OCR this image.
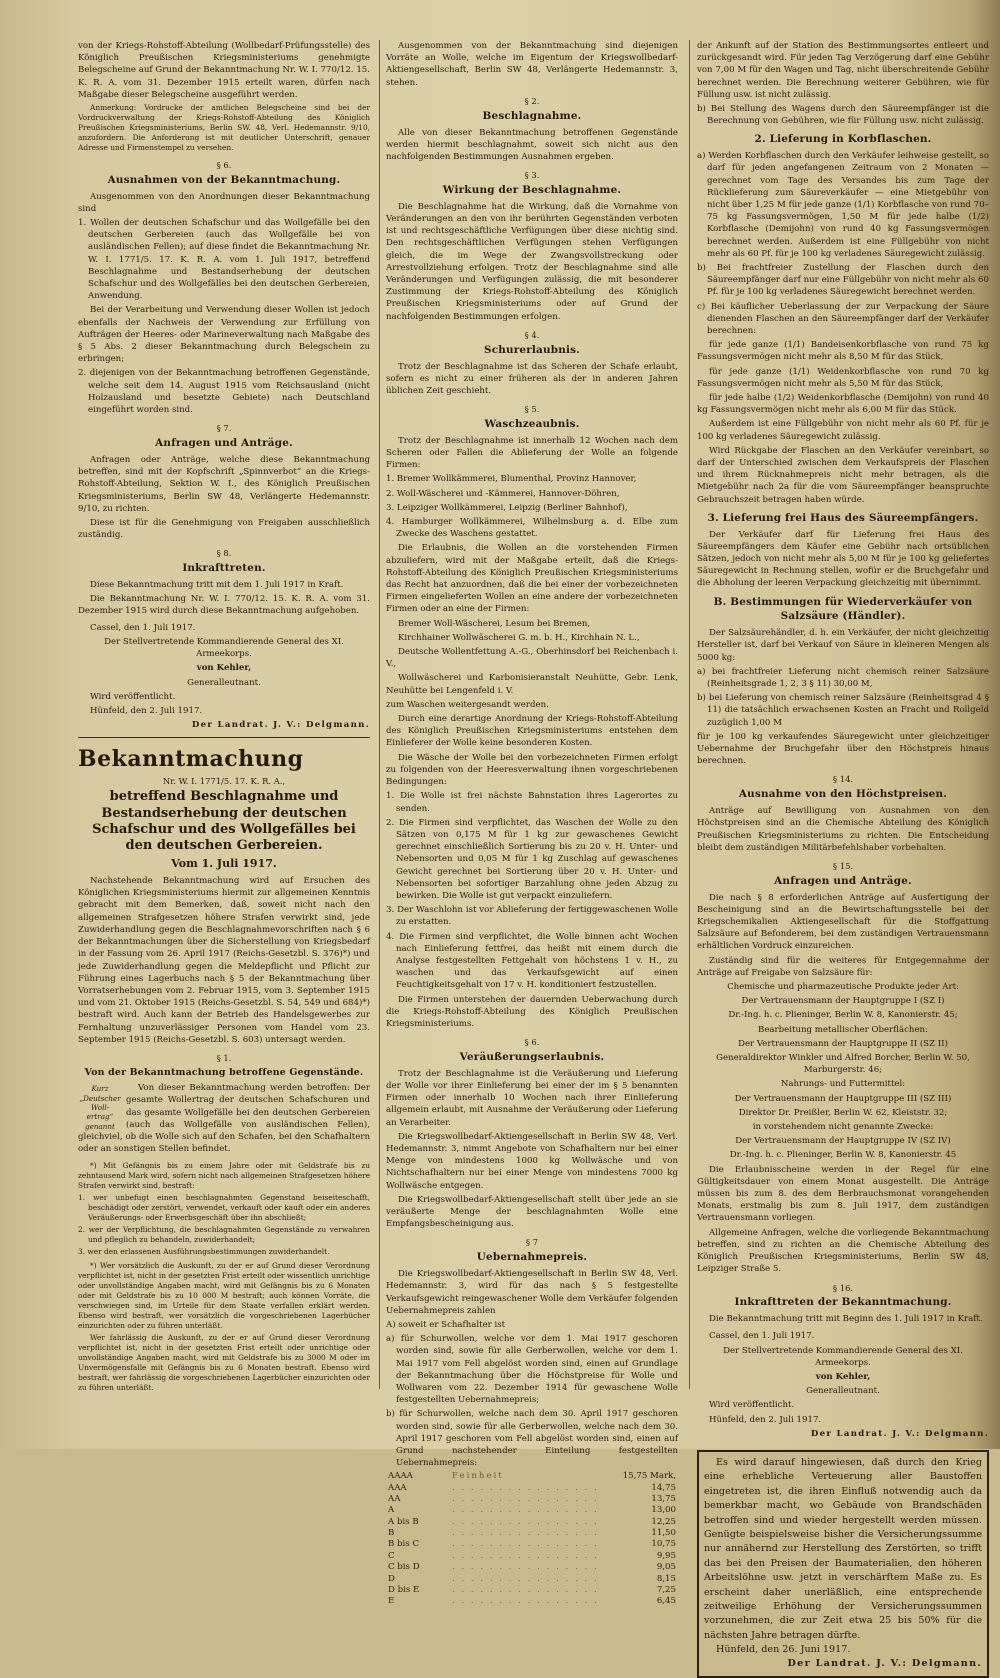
von der Kriegs-Rohstoff-Abteilung (Wollbedarf-Prüfungsstelle) des Königlich Preußischen Kriegsministeriums genehmigte Belegscheine auf Grund der Bekanntmachung Nr. W. I. 770/12. 15. K. R. A. vom 31. Dezember 1915 erteilt waren, dürfen nach Maßgabe dieser Belegscheine ausgeführt werden.

Anmerkung: Vordrucke der amtlichen Belegscheine sind bei der Vordruckverwaltung der Kriegs-Rohstoff-Abteilung des Königlich Preußischen Kriegsministeriums, Berlin SW. 48, Verl. Hedemannstr. 9/10, anzufordern. Die Anforderung ist mit deutlicher Unterschrift, genauer Adresse und Firmenstempel zu versehen.

§ 6.
Ausnahmen von der Bekanntmachung.

Ausgenommen von den Anordnungen dieser Bekanntmachung sind

1. Wollen der deutschen Schafschur und das Wollgefälle bei den deutschen Gerbereien (auch das Wollgefälle bei von ausländischen Fellen); auf diese findet die Bekanntmachung Nr. W. I. 1771/5. 17. K. R. A. vom 1. Juli 1917, betreffend Beschlagnahme und Bestandserhebung der deutschen Schafschur und des Wollgefälles bei den deutschen Gerbereien, Anwendung.

Bei der Verarbeitung und Verwendung dieser Wollen ist jedoch ebenfalls der Nachweis der Verwendung zur Erfüllung von Aufträgen der Heeres- oder Marineverwaltung nach Maßgabe des § 5 Abs. 2 dieser Bekanntmachung durch Belegschein zu erbringen;

2. diejenigen von der Bekanntmachung betroffenen Gegenstände, welche seit dem 14. August 1915 vom Reichsausland (nicht Holzausland und besetzte Gebiete) nach Deutschland eingeführt worden sind.

§ 7.
Anfragen und Anträge.

Anfragen oder Anträge, welche diese Bekanntmachung betreffen, sind mit der Kopfschrift „Spinnverbot“ an die Kriegs-Rohstoff-Abteilung, Sektion W. I., des Königlich Preußischen Kriegsministeriums, Berlin SW 48, Verlängerte Hedemannstr. 9/10, zu richten.

Diese ist für die Genehmigung von Freigaben ausschließlich zuständig.

§ 8.
Inkrafttreten.

Diese Bekanntmachung tritt mit dem 1. Juli 1917 in Kraft.

Die Bekanntmachung Nr. W. I. 770/12. 15. K. R. A. vom 31. Dezember 1915 wird durch diese Bekanntmachung aufgehoben.

Cassel, den 1. Juli 1917.

Der Stellvertretende Kommandierende General des XI. Armeekorps.

von Kehler,

Generalleutnant.

Wird veröffentlicht.

Hünfeld, den 2. Juli 1917.

Der Landrat. J. V.: Delgmann.

Bekanntmachung
Nr. W. I. 1771/5. 17. K. R. A.,
betreffend Beschlagnahme und Bestandserhebung der deutschen Schafschur und des Wollgefälles bei den deutschen Gerbereien.
Vom 1. Juli 1917.

Nachstehende Bekanntmachung wird auf Ersuchen des Königlichen Kriegsministeriums hiermit zur allgemeinen Kenntnis gebracht mit dem Bemerken, daß, soweit nicht nach den allgemeinen Strafgesetzen höhere Strafen verwirkt sind, jede Zuwiderhandlung gegen die Beschlagnahmevorschriften nach § 6 der Bekanntmachungen über die Sicherstellung von Kriegsbedarf in der Fassung vom 26. April 1917 (Reichs-Gesetzbl. S. 376)*) und jede Zuwiderhandlung gegen die Meldepflicht und Pflicht zur Führung eines Lagerbuchs nach § 5 der Bekanntmachung über Vorratserhebungen vom 2. Februar 1915, vom 3. September 1915 und vom 21. Oktober 1915 (Reichs-Gesetzbl. S. 54, 549 und 684)*) bestraft wird. Auch kann der Betrieb des Handelsgewerbes zur Fernhaltung unzuverlässiger Personen vom Handel vom 23. September 1915 (Reichs-Gesetzbl. S. 603) untersagt werden.

§ 1.
Von der Bekanntmachung betroffene Gegenstände.
Kurz „Deutscher Woll-ertrag“ genannt

Von dieser Bekanntmachung werden betroffen: Der gesamte Wollertrag der deutschen Schafschuren und das gesamte Wollgefälle bei den deutschen Gerbereien (auch das Wollgefälle von ausländischen Fellen), gleichviel, ob die Wolle sich auf den Schafen, bei den Schafhaltern oder an sonstigen Stellen befindet.

*) Mit Gefängnis bis zu einem Jahre oder mit Geldstrafe bis zu zehntausend Mark wird, sofern nicht nach allgemeinen Strafgesetzen höhere Strafen verwirkt sind, bestraft:

1. wer unbefugt einen beschlagnahmten Gegenstand beiseiteschafft, beschädigt oder zerstört, verwendet, verkauft oder kauft oder ein anderes Veräußerungs- oder Erwerbsgeschäft über ihn abschließt;

2. wer der Verpflichtung, die beschlagnahmten Gegenstände zu verwahren und pfleglich zu behandeln, zuwiderhandelt;

3. wer den erlassenen Ausführungsbestimmungen zuwiderhandelt.

*) Wer vorsätzlich die Auskunft, zu der er auf Grund dieser Verordnung verpflichtet ist, nicht in der gesetzten Frist erteilt oder wissentlich unrichtige oder unvollständige Angaben macht, wird mit Gefängnis bis zu 6 Monaten oder mit Geldstrafe bis zu 10 000 M bestraft; auch können Vorräte, die verschwiegen sind, im Urteile für dem Staate verfallen erklärt werden. Ebenso wird bestraft, wer vorsätzlich die vorgeschriebenen Lagerbücher einzurichten oder zu führen unterläßt.

Wer fahrlässig die Auskunft, zu der er auf Grund dieser Verordnung verpflichtet ist, nicht in der gesetzten Frist erteilt oder unrichtige oder unvollständige Angaben macht, wird mit Geldstrafe bis zu 3000 M oder im Unvermögensfalle mit Gefängnis bis zu 6 Monaten bestraft. Ebenso wird bestraft, wer fahrlässig die vorgeschriebenen Lagerbücher einzurichten oder zu führen unterläßt.

Ausgenommen von der Bekanntmachung sind diejenigen Vorräte an Wolle, welche im Eigentum der Kriegswollbedarf-Aktiengesellschaft, Berlin SW 48, Verlängerte Hedemannstr. 3, stehen.

§ 2.
Beschlagnahme.

Alle von dieser Bekanntmachung betroffenen Gegenstände werden hiermit beschlagnahmt, soweit sich nicht aus den nachfolgenden Bestimmungen Ausnahmen ergeben.

§ 3.
Wirkung der Beschlagnahme.

Die Beschlagnahme hat die Wirkung, daß die Vornahme von Veränderungen an den von ihr berührten Gegenständen verboten ist und rechtsgeschäftliche Verfügungen über diese nichtig sind. Den rechtsgeschäftlichen Verfügungen stehen Verfügungen gleich, die im Wege der Zwangsvollstreckung oder Arrestvollziehung erfolgen. Trotz der Beschlagnahme sind alle Veränderungen und Verfügungen zulässig, die mit besonderer Zustimmung der Kriegs-Rohstoff-Abteilung des Königlich Preußischen Kriegsministeriums oder auf Grund der nachfolgenden Bestimmungen erfolgen.

§ 4.
Schurerlaubnis.

Trotz der Beschlagnahme ist das Scheren der Schafe erlaubt, sofern es nicht zu einer früheren als der in anderen Jahren üblichen Zeit geschieht.

§ 5.
Waschzeaubnis.

Trotz der Beschlagnahme ist innerhalb 12 Wochen nach dem Scheren oder Fallen die Ablieferung der Wolle an folgende Firmen:

1. Bremer Wollkämmerei, Blumenthal, Provinz Hannover,

2. Woll-Wäscherei und -Kämmerei, Hannover-Döhren,

3. Leipziger Wollkämmerei, Leipzig (Berliner Bahnhof),

4. Hamburger Wollkämmerei, Wilhelmsburg a. d. Elbe zum Zwecke des Waschens gestattet.

Die Erlaubnis, die Wollen an die vorstehenden Firmen abzuliefern, wird mit der Maßgabe erteilt, daß die Kriegs-Rohstoff-Abteilung des Königlich Preußischen Kriegsministeriums das Recht hat anzuordnen, daß die bei einer der vorbezeichneten Firmen eingelieferten Wollen an eine andere der vorbezeichneten Firmen oder an eine der Firmen:

Bremer Woll-Wäscherei, Lesum bei Bremen,

Kirchhainer Wollwäscherei G. m. b. H., Kirchhain N. L.,

Deutsche Wollentfettung A.-G., Oberhinsdorf bei Reichenbach i. V.,

Wollwäscherei und Karbonisieranstalt Neuhütte, Gebr. Lenk, Neuhütte bei Lengenfeld i. V.

zum Waschen weitergesandt werden.

Durch eine derartige Anordnung der Kriegs-Rohstoff-Abteilung des Königlich Preußischen Kriegsministeriums entstehen dem Einlieferer der Wolle keine besonderen Kosten.

Die Wäsche der Wolle bei den vorbezeichneten Firmen erfolgt zu folgenden von der Heeresverwaltung ihnen vorgeschriebenen Bedingungen:

1. Die Wolle ist frei nächste Bahnstation ihres Lagerortes zu senden.

2. Die Firmen sind verpflichtet, das Waschen der Wolle zu den Sätzen von 0,175 M für 1 kg zur gewaschenes Gewicht gerechnet einschließlich Sortierung bis zu 20 v. H. Unter- und Nebensorten und 0,05 M für 1 kg Zuschlag auf gewaschenes Gewicht gerechnet bei Sortierung über 20 v. H. Unter- und Nebensorten bei sofortiger Barzahlung ohne jeden Abzug zu bewirken. Die Wolle ist gut verpackt einzuliefern.

3. Der Waschlohn ist vor Ablieferung der fertiggewaschenen Wolle zu erstatten.

4. Die Firmen sind verpflichtet, die Wolle binnen acht Wochen nach Einlieferung fettfrei, das heißt mit einem durch die Analyse festgestellten Fettgehalt von höchstens 1 v. H., zu waschen und das Verkaufsgewicht auf einen Feuchtigkeitsgehalt von 17 v. H. konditioniert festzustellen.

Die Firmen unterstehen der dauernden Ueberwachung durch die Kriegs-Rohstoff-Abteilung des Königlich Preußischen Kriegsministeriums.

§ 6.
Veräußerungserlaubnis.

Trotz der Beschlagnahme ist die Veräußerung und Lieferung der Wolle vor ihrer Einlieferung bei einer der im § 5 benannten Firmen oder innerhalb 10 Wochen nach ihrer Einlieferung allgemein erlaubt, mit Ausnahme der Veräußerung oder Lieferung an Verarbeiter.

Die Kriegswollbedarf-Aktiengesellschaft in Berlin SW 48, Verl. Hedemannstr. 3, nimmt Angebote von Schafhaltern nur bei einer Menge von mindestens 1000 kg Wollwäsche und von Nichtschafhaltern nur bei einer Menge von mindestens 7000 kg Wollwäsche entgegen.

Die Kriegswollbedarf-Aktiengesellschaft stellt über jede an sie veräußerte Menge der beschlagnahmten Wolle eine Empfangsbescheinigung aus.

§ 7
Uebernahmepreis.

Die Kriegswollbedarf-Aktiengesellschaft in Berlin SW 48, Verl. Hedemannstr. 3, wird für das nach § 5 festgestellte Verkaufsgewicht reingewaschener Wolle dem Verkäufer folgenden Uebernahmepreis zahlen

A) soweit er Schafhalter ist

a) für Schurwollen, welche vor dem 1. Mai 1917 geschoren worden sind, sowie für alle Gerberwollen, welche vor dem 1. Mai 1917 vom Fell abgelöst worden sind, einen auf Grundlage der Bekanntmachung über die Höchstpreise für Wolle und Wollwaren vom 22. Dezember 1914 für gewaschene Wolle festgestellten Uebernahmepreis;

b) für Schurwollen, welche nach dem 30. April 1917 geschoren worden sind, sowie für alle Gerberwollen, welche nach dem 30. April 1917 geschoren vom Fell abgelöst worden sind, einen auf Grund nachstehender Einteilung festgestellten Uebernahmepreis:

AAAA	Feinheit	15,75 Mark,
AAA	. . . . . . . . . . . . . . . .	14,75
AA	. . . . . . . . . . . . . . . .	13,75
A	. . . . . . . . . . . . . . . .	13,00
A bis B	. . . . . . . . . . . . . . . .	12,25
B	. . . . . . . . . . . . . . . .	11,50
B bis C	. . . . . . . . . . . . . . . .	10,75
C	. . . . . . . . . . . . . . . .	9,95
C bis D	. . . . . . . . . . . . . . . .	9,05
D	. . . . . . . . . . . . . . . .	8,15
D bis E	. . . . . . . . . . . . . . . .	7,25
E	. . . . . . . . . . . . . . . .	6,45

der Ankunft auf der Station des Bestimmungsortes entleert und zurückgesandt wird. Für jeden Tag Verzögerung darf eine Gebühr von 7,00 M für den Wagen und Tag, nicht überschreitende Gebühr berechnet werden. Die Berechnung weiterer Gebühren, wie für Füllung usw. ist nicht zulässig.

b) Bei Stellung des Wagens durch den Säureempfänger ist die Berechnung von Gebühren, wie für Füllung usw. nicht zulässig.

2. Lieferung in Korbflaschen.

a) Werden Korbflaschen durch den Verkäufer leihweise gestellt, so darf für jeden angefangenen Zeitraum von 2 Monaten — gerechnet vom Tage des Versandes bis zum Tage der Rücklieferung zum Säureverkäufer — eine Mietgebühr von nicht über 1,25 M für jede ganze (1/1) Korbflasche von rund 70–75 kg Fassungsvermögen, 1,50 M für jede halbe (1/2) Korbflasche (Demijohn) von rund 40 kg Fassungsvermögen berechnet werden. Außerdem ist eine Füllgebühr von nicht mehr als 60 Pf. für je 100 kg verladenes Säuregewicht zulässig.

b) Bei frachtfreier Zustellung der Flaschen durch den Säureempfänger darf nur eine Füllgebühr von nicht mehr als 60 Pf. für je 100 kg verladenes Säuregewicht berechnet werden.

c) Bei käuflicher Ueberlassung der zur Verpackung der Säure dienenden Flaschen an den Säureempfänger darf der Verkäufer berechnen:

für jede ganze (1/1) Bandeisenkorbflasche von rund 75 kg Fassungsvermögen nicht mehr als 8,50 M für das Stück,

für jede ganze (1/1) Weidenkorbflasche von rund 70 kg Fassungsvermögen nicht mehr als 5,50 M für das Stück,

für jede halbe (1/2) Weidenkorbflasche (Demijohn) von rund 40 kg Fassungsvermögen nicht mehr als 6,00 M für das Stück.

Außerdem ist eine Füllgebühr von nicht mehr als 60 Pf. für je 100 kg verladenes Säuregewicht zulässig.

Wird Rückgabe der Flaschen an den Verkäufer vereinbart, so darf der Unterschied zwischen dem Verkaufspreis der Flaschen und ihrem Rücknahmepreis nicht mehr betragen, als die Mietgebühr nach 2a für die vom Säureempfänger beanspruchte Gebrauchszeit betragen haben würde.

3. Lieferung frei Haus des Säureempfängers.

Der Verkäufer darf für Lieferung frei Haus des Säureempfängers dem Käufer eine Gebühr nach ortsüblichen Sätzen, jedoch von nicht mehr als 5,00 M für je 100 kg geliefertes Säuregewicht in Rechnung stellen, wofür er die Bruchgefahr und die Abholung der leeren Verpackung gleichzeitig mit übernimmt.

B. Bestimmungen für Wiederverkäufer von Salzsäure (Händler).

Der Salzsäurehändler, d. h. ein Verkäufer, der nicht gleichzeitig Hersteller ist, darf bei Verkauf von Säure in kleineren Mengen als 5000 kg:

a) bei frachtfreier Lieferung nicht chemisch reiner Salzsäure (Reinheitsgrade 1, 2, 3 § 11) 30,00 M,

b) bei Lieferung von chemisch reiner Salzsäure (Reinheitsgrad 4 § 11) die tatsächlich erwachsenen Kosten an Fracht und Rollgeld zuzüglich 1,00 M

für je 100 kg verkaufendes Säuregewicht unter gleichzeitiger Uebernahme der Bruchgefahr über den Höchstpreis hinaus berechnen.

§ 14.
Ausnahme von den Höchstpreisen.

Anträge auf Bewilligung von Ausnahmen von den Höchstpreisen sind an die Chemische Abteilung des Königlich Preußischen Kriegsministeriums zu richten. Die Entscheidung bleibt dem zuständigen Militärbefehlshaber vorbehalten.

§ 15.
Anfragen und Anträge.

Die nach § 8 erforderlichen Anträge auf Ausfertigung der Bescheinigung sind an die Bewirtschaftungsstelle bei der Kriegschemikalien Aktiengesellschaft für die Stoffgattung Salzsäure auf Befonderem, bei dem zuständigen Vertrauensmann erhältlichen Vordruck einzureichen.

Zuständig sind für die weiteres für Entgegennahme der Anträge auf Freigabe von Salzsäure für:

Chemische und pharmazeutische Produkte jeder Art:

Der Vertrauensmann der Hauptgruppe I (SZ I)

Dr.-Ing. h. c. Plieninger, Berlin W. 8, Kanonierstr. 45;

Bearbeitung metallischer Oberflächen:

Der Vertrauensmann der Hauptgruppe II (SZ II)

Generaldirektor Winkler und Alfred Borcher, Berlin W. 50, Marburgerstr. 46;

Nahrungs- und Futtermittel:

Der Vertrauensmann der Hauptgruppe III (SZ III)

Direktor Dr. Preißler, Berlin W. 62, Kleiststr. 32;

in vorstehendem nicht genannte Zwecke:

Der Vertrauensmann der Hauptgruppe IV (SZ IV)

Dr.-Ing. h. c. Plieninger, Berlin W. 8, Kanonierstr. 45

Die Erlaubnisscheine werden in der Regel für eine Gültigkeitsdauer von einem Monat ausgestellt. Die Anträge müssen bis zum 8. des dem Berbrauchsmonat vorangehenden Monats, erstmalig bis zum 8. Juli 1917, dem zuständigen Vertrauensmann vorliegen.

Allgemeine Anfragen, welche die vorliegende Bekanntmachung betreffen, sind zu richten an die Chemische Abteilung des Königlich Preußischen Kriegsministeriums, Berlin SW 48, Leipziger Straße 5.

§ 16.
Inkrafttreten der Bekanntmachung.

Die Bekanntmachung tritt mit Beginn des 1. Juli 1917 in Kraft.

Cassel, den 1. Juli 1917.

Der Stellvertretende Kommandierende General des XI. Armeekorps.

von Kehler,

Generalleutnant.

Wird veröffentlicht.

Hünfeld, den 2. Juli 1917.

Der Landrat. J. V.: Delgmann.

Es wird darauf hingewiesen, daß durch den Krieg eine erhebliche Verteuerung aller Baustoffen eingetreten ist, die ihren Einfluß notwendig auch da bemerkbar macht, wo Gebäude von Brandschäden betroffen sind und wieder hergestellt werden müssen. Genügte beispielsweise bisher die Versicherungssumme nur annähernd zur Herstellung des Zerstörten, so trifft das bei den Preisen der Baumaterialien, den höheren Arbeitslöhne usw. jetzt in verschärftem Maße zu. Es erscheint daher unerläßlich, eine entsprechende zeitweilige Erhöhung der Versicherungssummen vorzunehmen, die zur Zeit etwa 25 bis 50% für die nächsten Jahre betragen dürfte.

Hünfeld, den 26. Juni 1917.

Der Landrat. J. V.: Delgmann.
